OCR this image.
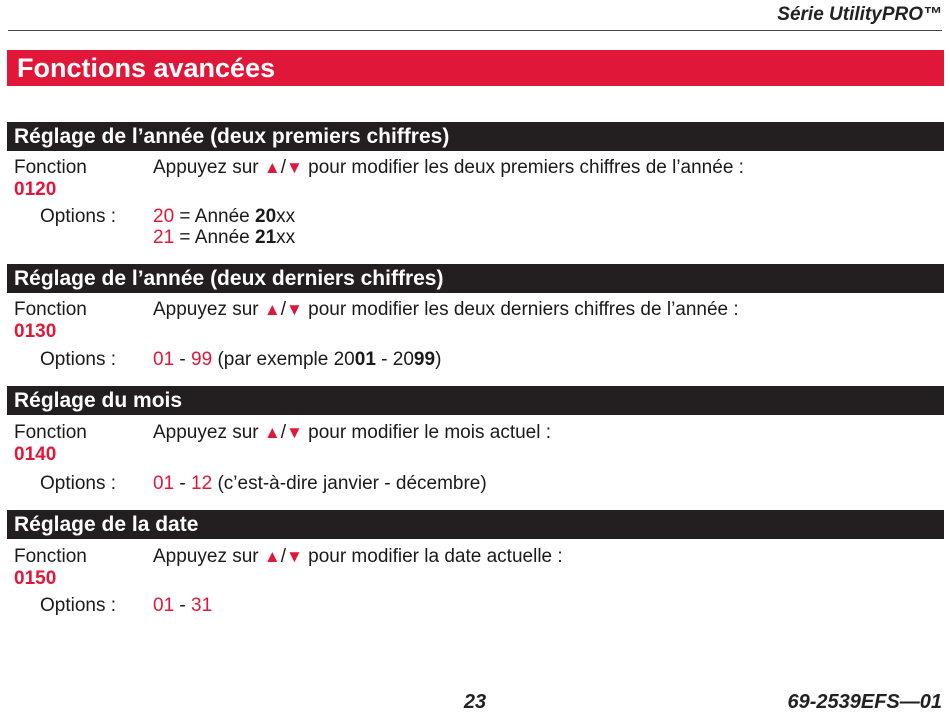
Série UtilityPRO™
Fonctions avancées
Réglage de l’année (deux premiers chiffres)
Fonction
0120
Appuyez sur ▲/▼ pour modifier les deux premiers chiffres de l’année :
Options : 20 = Année 20xx
21 = Année 21xx
Réglage de l’année (deux derniers chiffres)
Fonction
0130
Appuyez sur ▲/▼ pour modifier les deux derniers chiffres de l’année :
Options : 01 - 99 (par exemple 2001 - 2099)
Réglage du mois
Fonction
0140
Appuyez sur ▲/▼ pour modifier le mois actuel :
Options : 01 - 12 (c’est-à-dire janvier - décembre)
Réglage de la date
Fonction
0150
Appuyez sur ▲/▼ pour modifier la date actuelle :
Options : 01 - 31
23	69-2539EFS—01
